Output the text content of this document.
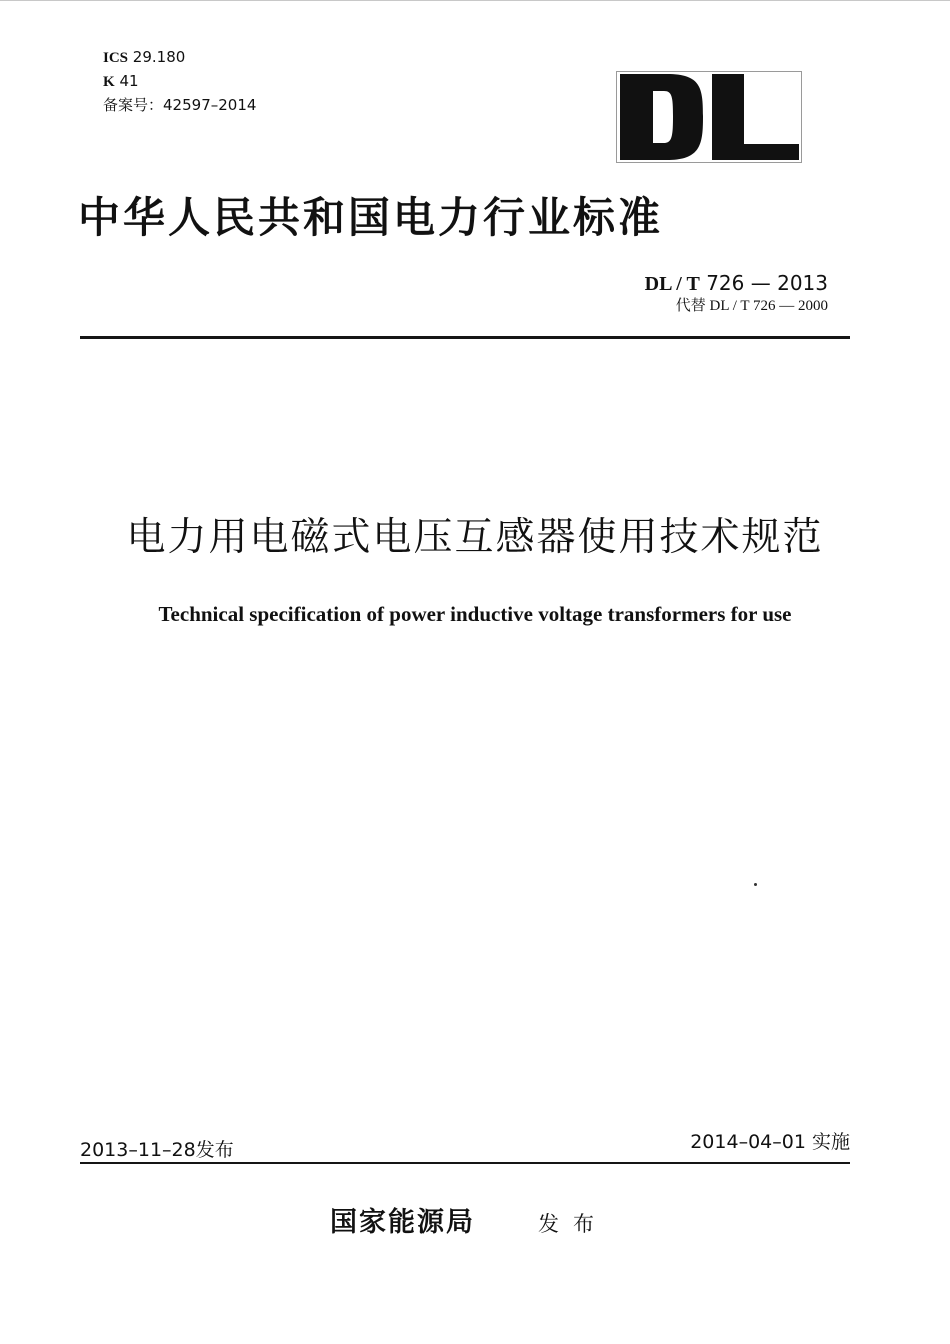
ICS 29.180
K 41
备案号：42597–2014
中华人民共和国电力行业标准
DL / T 726 — 2013
代替 DL / T 726 — 2000
电力用电磁式电压互感器使用技术规范
Technical specification of power inductive voltage transformers for use
2013–11–28发布	2014–04–01 实施
国家能源局	发布
